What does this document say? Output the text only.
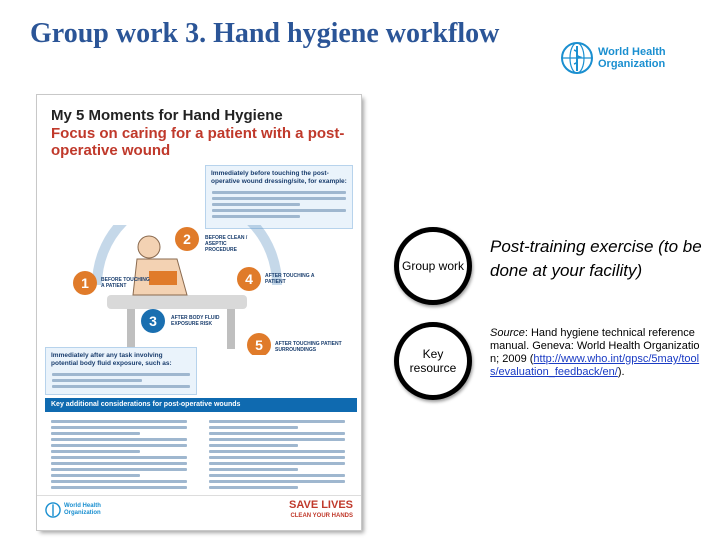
Group work 3. Hand hygiene workflow
World Health
Organization
My 5 Moments for Hand Hygiene
Focus on caring for a patient with a post-operative wound
Immediately before touching the post-operative wound dressing/site, for example:
1
2
4
3
5
BEFORE TOUCHING A PATIENT
BEFORE CLEAN / ASEPTIC PROCEDURE
AFTER TOUCHING A PATIENT
AFTER BODY FLUID EXPOSURE RISK
AFTER TOUCHING PATIENT SURROUNDINGS
Immediately after any task involving potential body fluid exposure, such as:
Key additional considerations for post-operative wounds
World Health
Organization
SAVE LIVES
CLEAN YOUR HANDS
Group work
Post-training exercise (to be done at your facility)
Key resource
Source: Hand hygiene technical reference manual. Geneva: World Health Organization; 2009 (http://www.who.int/gpsc/5may/tools/evaluation_feedback/en/).
